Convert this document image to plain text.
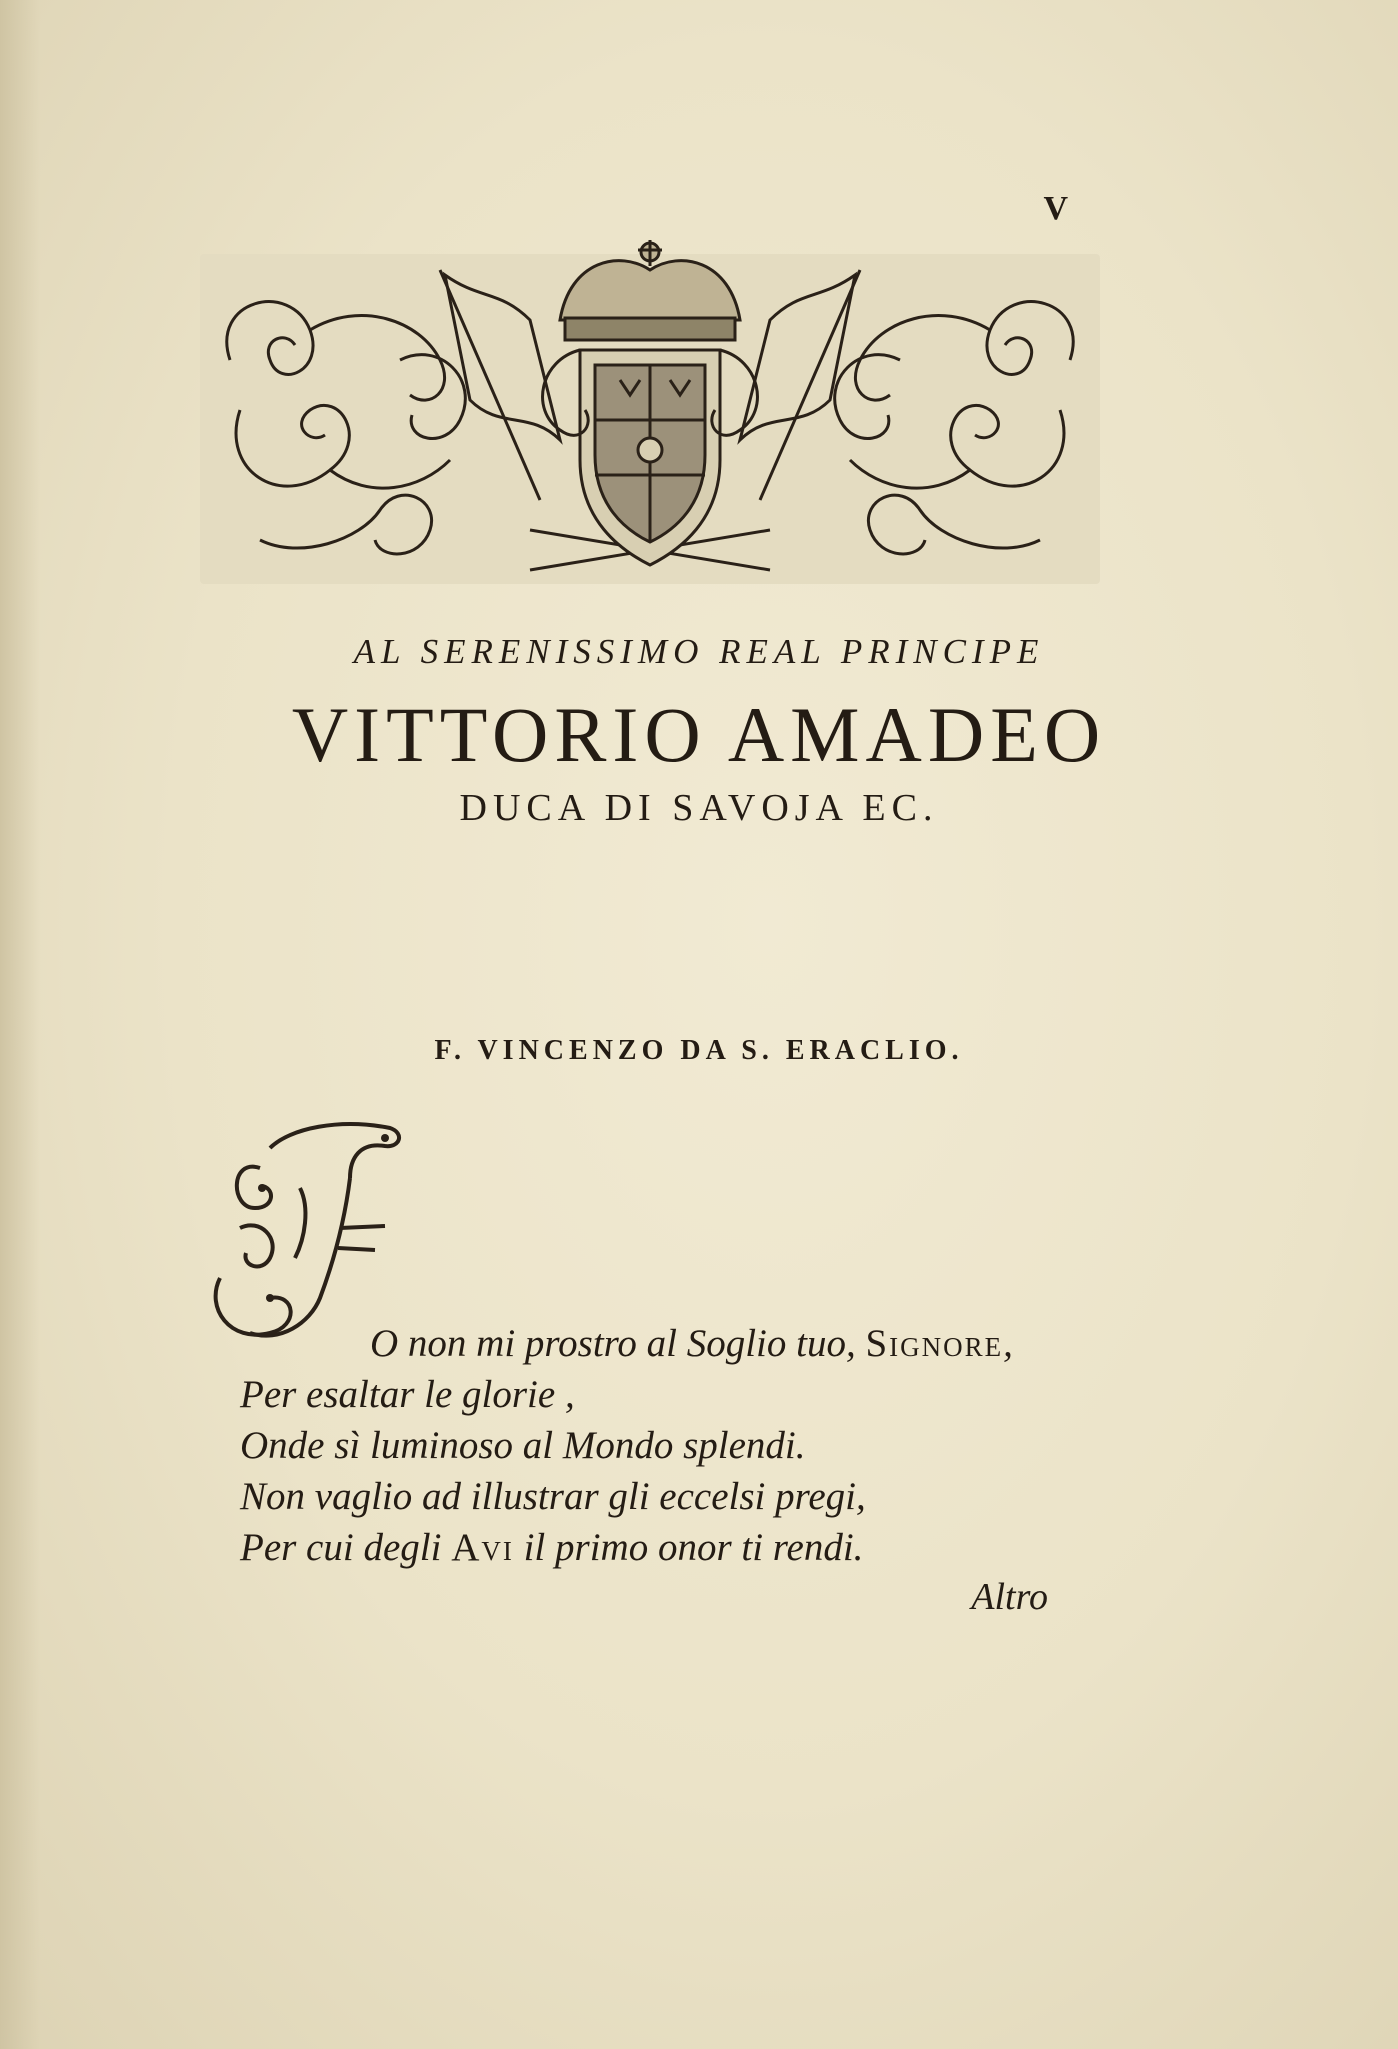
V
AL SERENISSIMO REAL PRINCIPE
VITTORIO AMADEO
DUCA DI SAVOJA EC.
F. VINCENZO DA S. ERACLIO.
O non mi prostro al Soglio tuo, Signore,
Per esaltar le glorie ,
Onde sì luminoso al Mondo splendi.
Non vaglio ad illustrar gli eccelsi pregi,
Per cui degli Avi il primo onor ti rendi.
Altro
